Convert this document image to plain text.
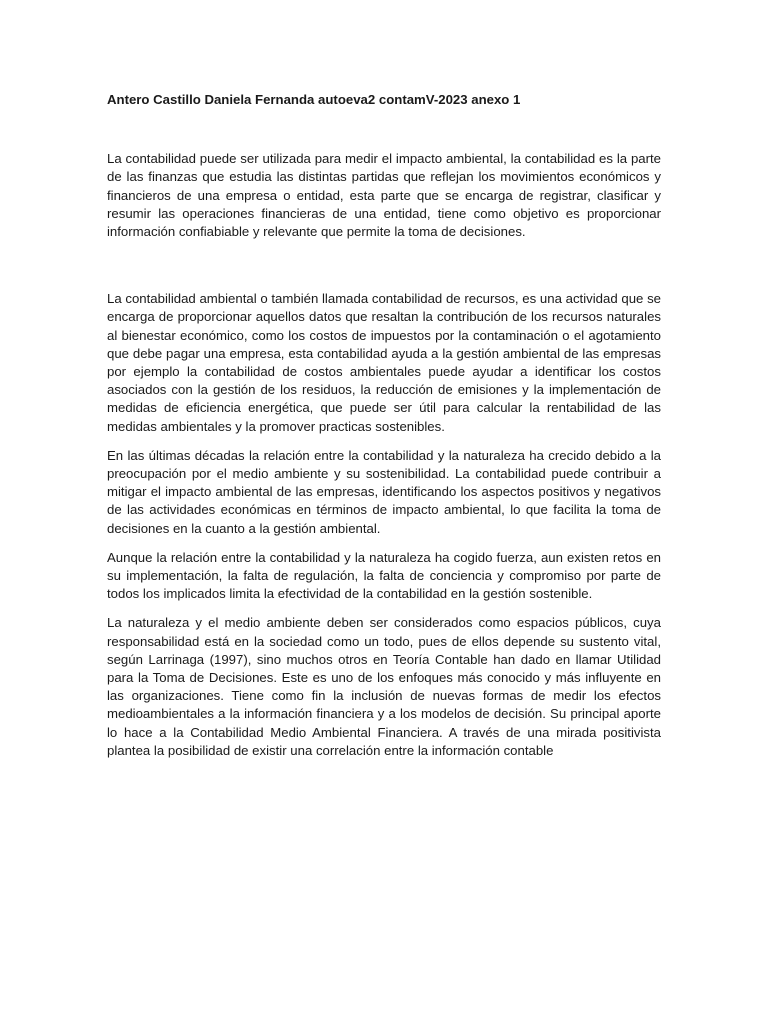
Antero Castillo Daniela Fernanda autoeva2 contamV-2023 anexo 1

La contabilidad puede ser utilizada para medir el impacto ambiental, la contabilidad es la parte de las finanzas que estudia las distintas partidas que reflejan los movimientos económicos y financieros de una empresa o entidad, esta parte que se encarga de registrar, clasificar y resumir las operaciones financieras de una entidad, tiene como objetivo es proporcionar información confiabiable y relevante que permite la toma de decisiones.

La contabilidad ambiental o también llamada contabilidad de recursos, es una actividad que se encarga de proporcionar aquellos datos que resaltan la contribución de los recursos naturales al bienestar económico, como los costos de impuestos por la contaminación o el agotamiento que debe pagar una empresa, esta contabilidad ayuda a la gestión ambiental de las empresas por ejemplo la contabilidad de costos ambientales puede ayudar a identificar los costos asociados con la gestión de los residuos, la reducción de emisiones y la implementación de medidas de eficiencia energética, que puede ser útil para calcular la rentabilidad de las medidas ambientales y la promover practicas sostenibles.

En las últimas décadas la relación entre la contabilidad y la naturaleza ha crecido debido a la preocupación por el medio ambiente y su sostenibilidad. La contabilidad puede contribuir a mitigar el impacto ambiental de las empresas, identificando los aspectos positivos y negativos de las actividades económicas en términos de impacto ambiental, lo que facilita la toma de decisiones en la cuanto a la gestión ambiental.

Aunque la relación entre la contabilidad y la naturaleza ha cogido fuerza, aun existen retos en su implementación, la falta de regulación, la falta de conciencia y compromiso por parte de todos los implicados limita la efectividad de la contabilidad en la gestión sostenible.

La naturaleza y el medio ambiente deben ser considerados como espacios públicos, cuya responsabilidad está en la sociedad como un todo, pues de ellos depende su sustento vital, según Larrinaga (1997), sino muchos otros en Teoría Contable han dado en llamar Utilidad para la Toma de Decisiones. Este es uno de los enfoques más conocido y más influyente en las organizaciones. Tiene como fin la inclusión de nuevas formas de medir los efectos medioambientales a la información financiera y a los modelos de decisión. Su principal aporte lo hace a la Contabilidad Medio Ambiental Financiera. A través de una mirada positivista plantea la posibilidad de existir una correlación entre la información contable
